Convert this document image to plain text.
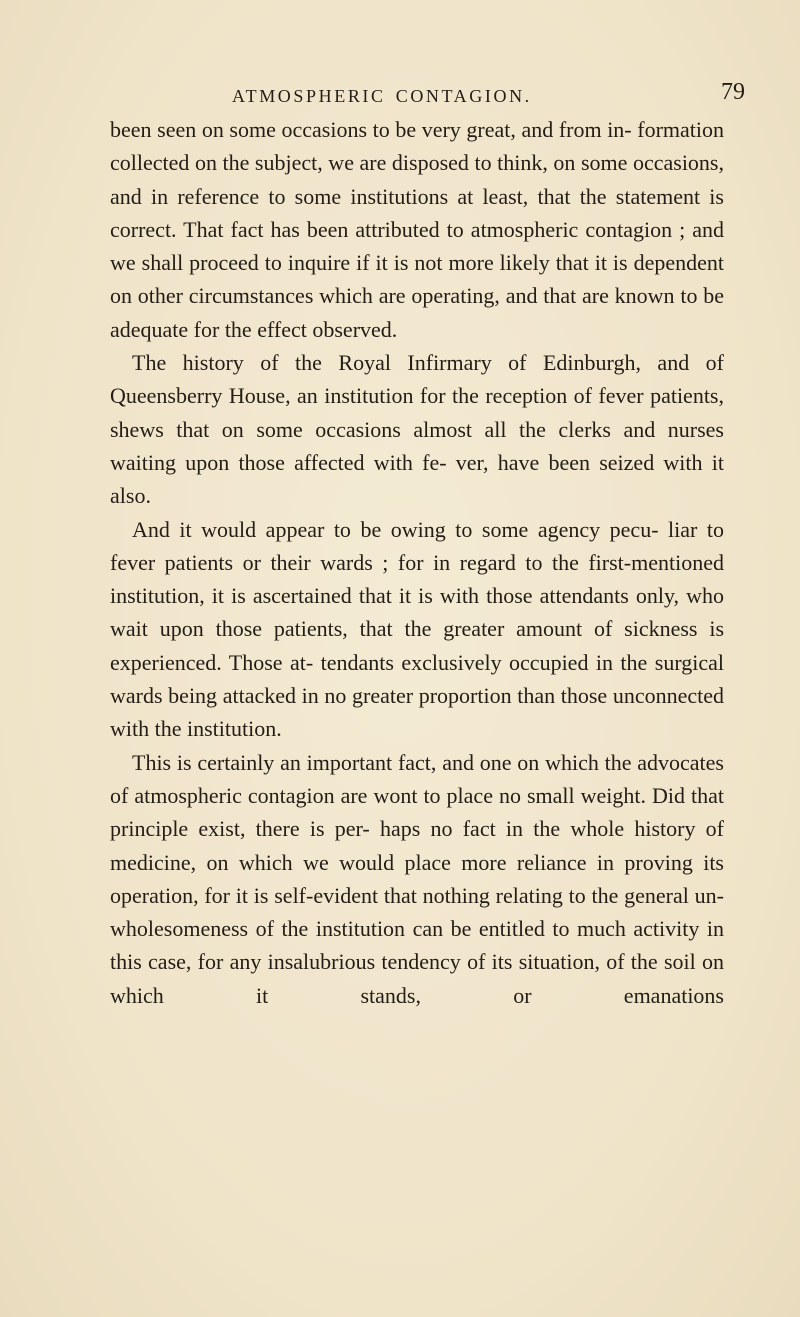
ATMOSPHERIC CONTAGION.	79

been seen on some occasions to be very great, and from in- formation collected on the subject, we are disposed to think, on some occasions, and in reference to some institutions at least, that the statement is correct. That fact has been attributed to atmospheric contagion ; and we shall proceed to inquire if it is not more likely that it is dependent on other circumstances which are operating, and that are known to be adequate for the effect observed.

The history of the Royal Infirmary of Edinburgh, and of Queensberry House, an institution for the reception of fever patients, shews that on some occasions almost all the clerks and nurses waiting upon those affected with fe- ver, have been seized with it also.

And it would appear to be owing to some agency pecu- liar to fever patients or their wards ; for in regard to the first-mentioned institution, it is ascertained that it is with those attendants only, who wait upon those patients, that the greater amount of sickness is experienced. Those at- tendants exclusively occupied in the surgical wards being attacked in no greater proportion than those unconnected with the institution.

This is certainly an important fact, and one on which the advocates of atmospheric contagion are wont to place no small weight. Did that principle exist, there is per- haps no fact in the whole history of medicine, on which we would place more reliance in proving its operation, for it is self-evident that nothing relating to the general un- wholesomeness of the institution can be entitled to much activity in this case, for any insalubrious tendency of its situation, of the soil on which it stands, or emanations
